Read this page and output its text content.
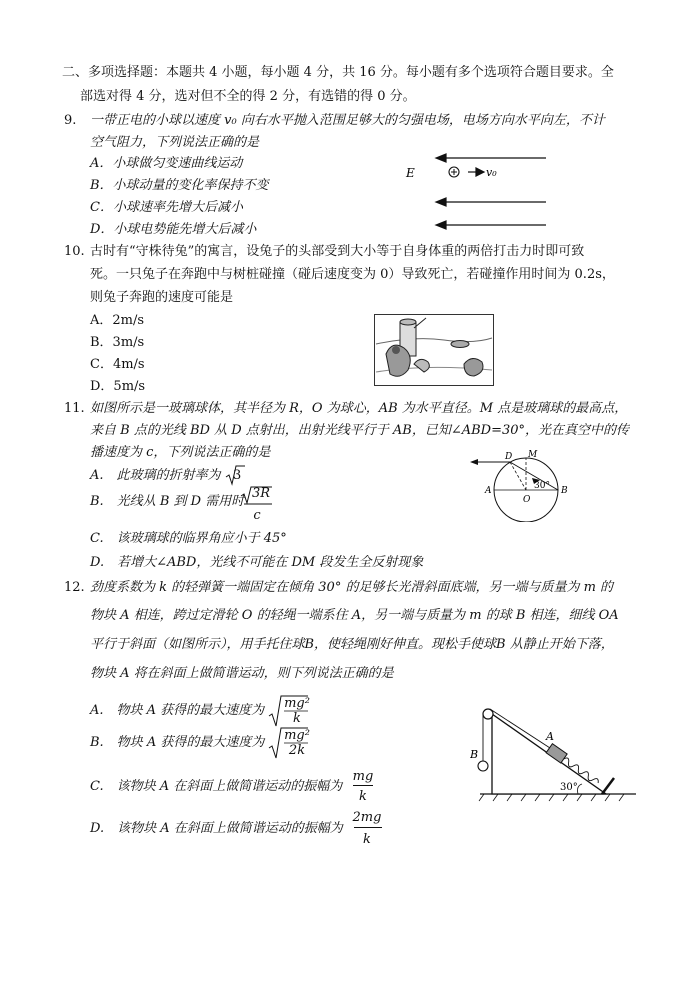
二、多项选择题：本题共 4 小题，每小题 4 分，共 16 分。每小题有多个选项符合题目要求。全
部选对得 4 分，选对但不全的得 2 分，有选错的得 0 分。
9. 一带正电的小球以速度 v₀ 向右水平抛入范围足够大的匀强电场，电场方向水平向左，不计
空气阻力，下列说法正确的是
A．小球做匀变速曲线运动
B．小球动量的变化率保持不变
C．小球速率先增大后减小
D．小球电势能先增大后减小
E	v₀
10. 古时有“守株待兔”的寓言，设兔子的头部受到大小等于自身体重的两倍打击力时即可致
死。一只兔子在奔跑中与树桩碰撞（碰后速度变为 0）导致死亡，若碰撞作用时间为 0.2s，
则兔子奔跑的速度可能是
A．2m/s
B．3m/s
C．4m/s
D．5m/s
11. 如图所示是一玻璃球体，其半径为 R，O 为球心，AB 为水平直径。M 点是玻璃球的最高点，
来自 B 点的光线 BD 从 D 点射出，出射光线平行于 AB，已知∠ABD=30°，光在真空中的传
播速度为 c，下列说法正确的是
A.　此玻璃的折射率为 3
B.　光线从 B 到 D 需用时
3R
c
C.　该玻璃球的临界角应小于 45°
D.　若增大∠ABD，光线不可能在 DM 段发生全反射现象
M
D
A
O
B
30°
12. 劲度系数为 k 的轻弹簧一端固定在倾角 30° 的足够长光滑斜面底端，另一端与质量为 m 的
物块 A 相连，跨过定滑轮 O 的轻绳一端系住 A，另一端与质量为 m 的球 B 相连，细线 OA
平行于斜面（如图所示），用手托住球B，使轻绳刚好伸直。现松手使球B 从静止开始下落，
物块 A 将在斜面上做简谐运动，则下列说法正确的是
A.　物块 A 获得的最大速度为 mg²
k
B.　物块 A 获得的最大速度为 mg²
2k
C.　该物块 A 在斜面上做简谐运动的振幅为
mg
k
D.　该物块 A 在斜面上做简谐运动的振幅为
2mg
k
A
B
30°
